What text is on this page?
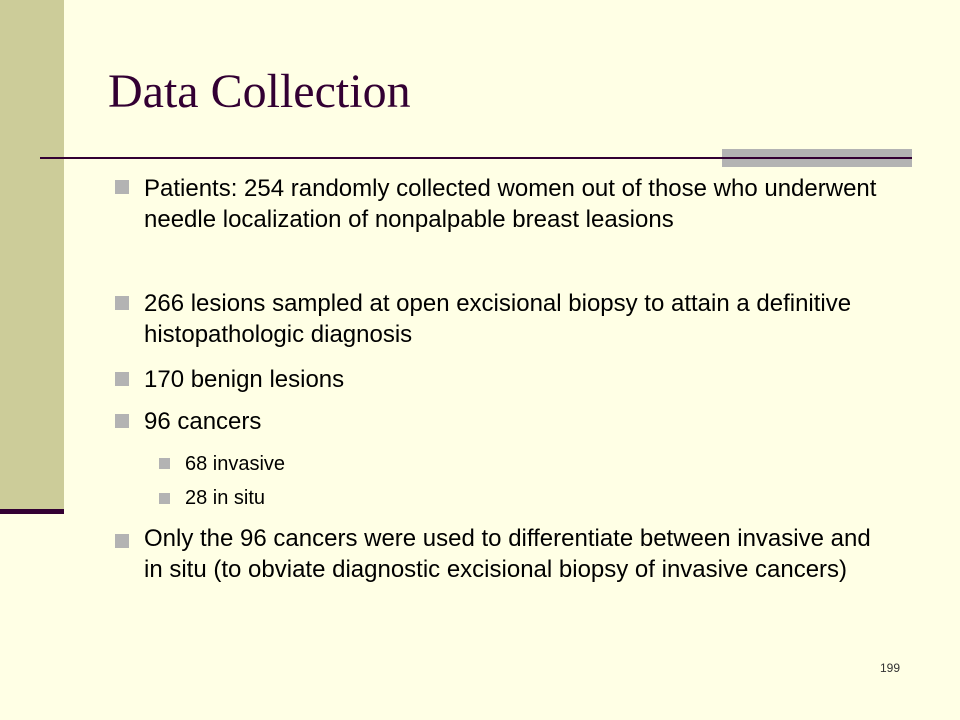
Data Collection
Patients: 254 randomly collected women out of those who underwent needle localization of nonpalpable breast leasions
266 lesions sampled at open excisional biopsy to attain a definitive histopathologic diagnosis
170 benign lesions
96 cancers
68 invasive
28 in situ
Only the 96 cancers were used to differentiate between invasive and in situ (to obviate diagnostic excisional biopsy of invasive cancers)
199
